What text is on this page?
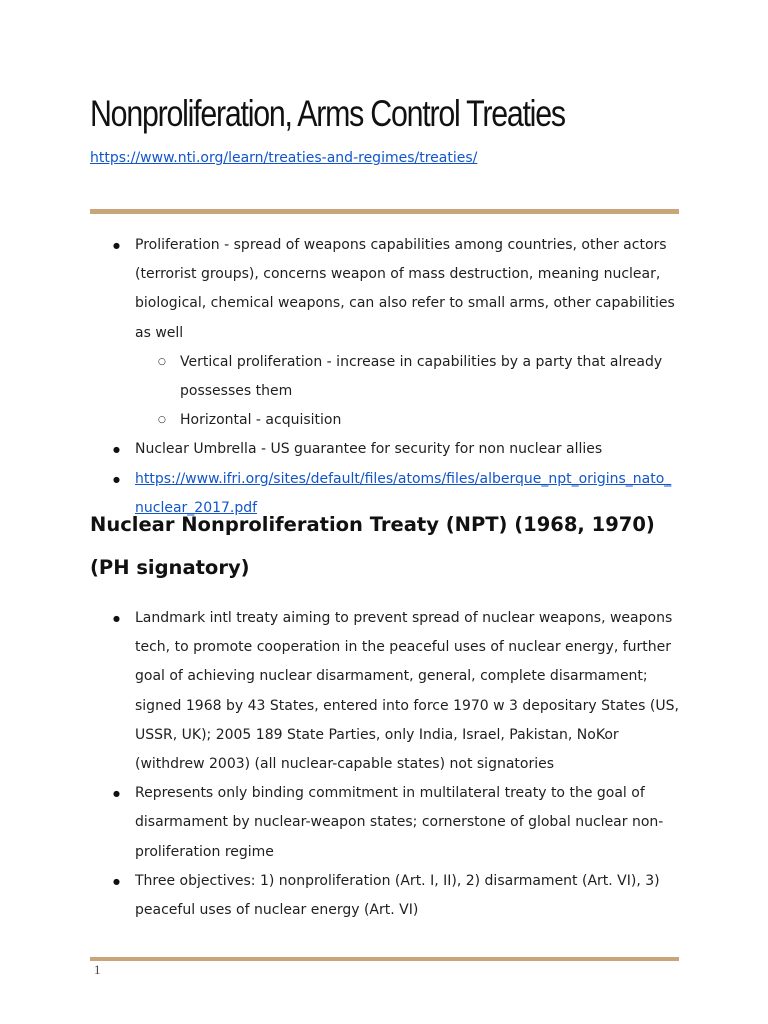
Nonproliferation, Arms Control Treaties
https://www.nti.org/learn/treaties-and-regimes/treaties/
● Proliferation - spread of weapons capabilities among countries, other actors (terrorist groups), concerns weapon of mass destruction, meaning nuclear, biological, chemical weapons, can also refer to small arms, other capabilities as well
○ Vertical proliferation - increase in capabilities by a party that already possesses them
○ Horizontal - acquisition
● Nuclear Umbrella - US guarantee for security for non nuclear allies
● https://www.ifri.org/sites/default/files/atoms/files/alberque_npt_origins_nato_nuclear_2017.pdf
Nuclear Nonproliferation Treaty (NPT) (1968, 1970) (PH signatory)
● Landmark intl treaty aiming to prevent spread of nuclear weapons, weapons tech, to promote cooperation in the peaceful uses of nuclear energy, further goal of achieving nuclear disarmament, general, complete disarmament; signed 1968 by 43 States, entered into force 1970 w 3 depositary States (US, USSR, UK); 2005 189 State Parties, only India, Israel, Pakistan, NoKor (withdrew 2003) (all nuclear-capable states) not signatories
● Represents only binding commitment in multilateral treaty to the goal of disarmament by nuclear-weapon states; cornerstone of global nuclear non-proliferation regime
● Three objectives: 1) nonproliferation (Art. I, II), 2) disarmament (Art. VI), 3) peaceful uses of nuclear energy (Art. VI)
1
